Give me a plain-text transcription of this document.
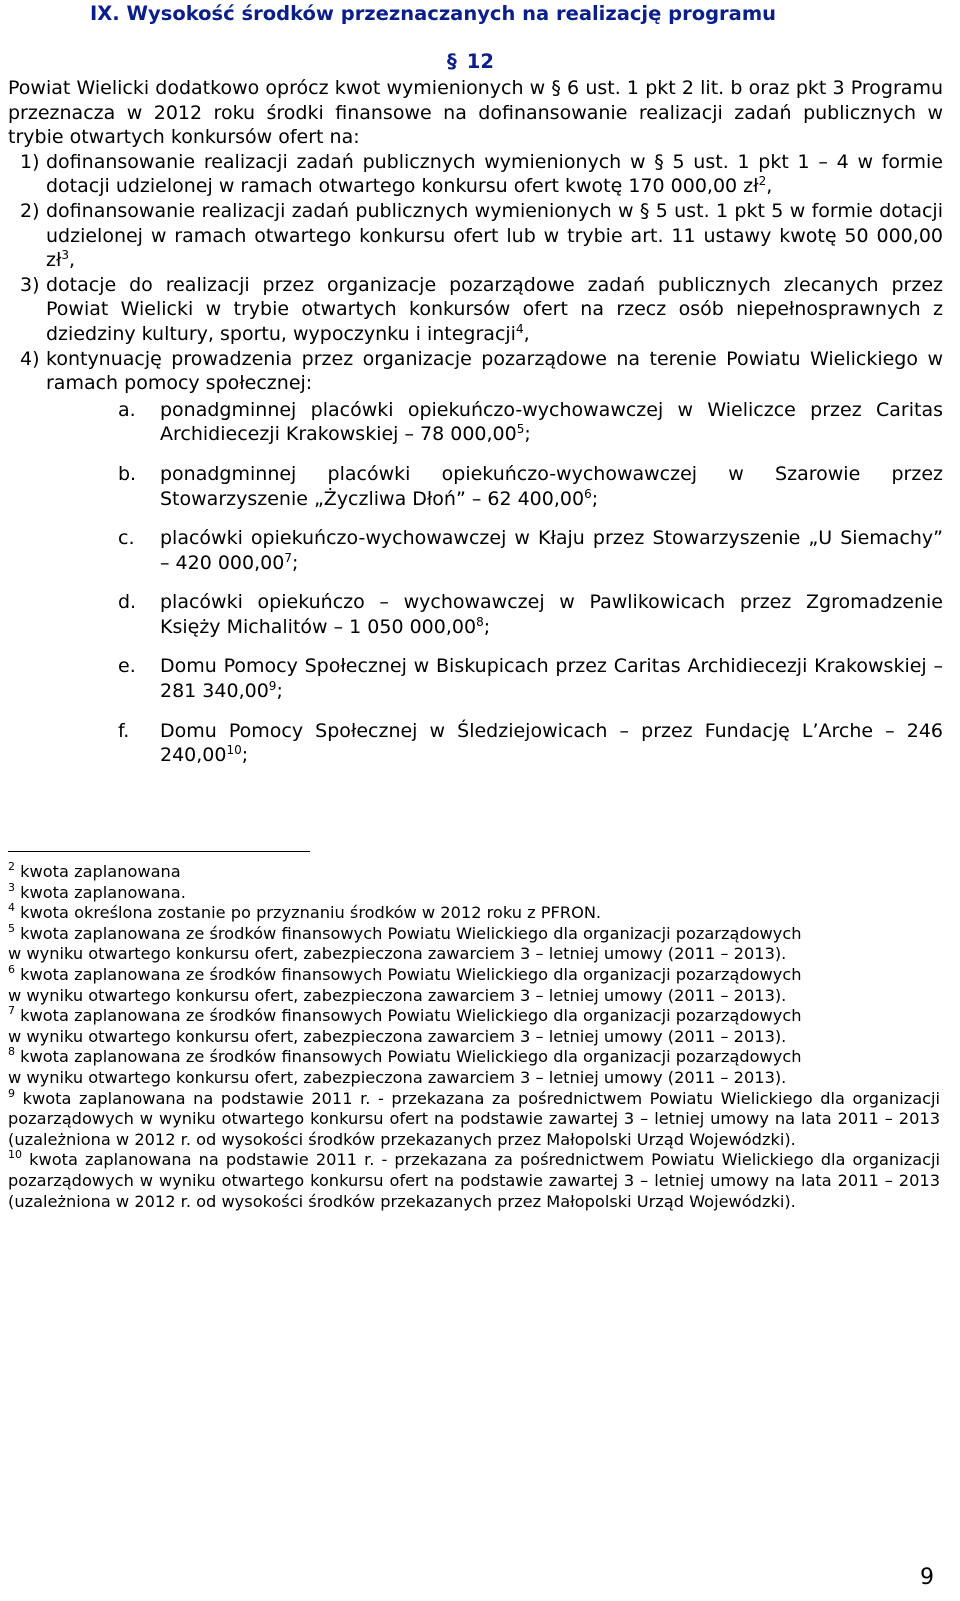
IX. Wysokość środków przeznaczanych na realizację programu
§ 12

Powiat Wielicki dodatkowo oprócz kwot wymienionych w § 6 ust. 1 pkt 2 lit. b oraz pkt 3 Programu przeznacza w 2012 roku środki finansowe na dofinansowanie realizacji zadań publicznych w trybie otwartych konkursów ofert na:

1) dofinansowanie realizacji zadań publicznych wymienionych w § 5 ust. 1 pkt 1 – 4 w formie dotacji udzielonej w ramach otwartego konkursu ofert kwotę 170 000,00 $zł^2$,
2) dofinansowanie realizacji zadań publicznych wymienionych w § 5 ust. 1 pkt 5 w formie dotacji udzielonej w ramach otwartego konkursu ofert lub w trybie art. 11 ustawy kwotę 50 000,00 $zł^3$,
3) dotacje do realizacji przez organizacje pozarządowe zadań publicznych zlecanych przez Powiat Wielicki w trybie otwartych konkursów ofert na rzecz osób niepełnosprawnych z dziedziny kultury, sportu, wypoczynku i integracji$^4$,
4) kontynuację prowadzenia przez organizacje pozarządowe na terenie Powiatu Wielickiego w ramach pomocy społecznej:
a. ponadgminnej placówki opiekuńczo-wychowawczej w Wieliczce przez Caritas Archidiecezji Krakowskiej – 78 000,00$^5$;
b. ponadgminnej placówki opiekuńczo-wychowawczej w Szarowie przez Stowarzyszenie „Życzliwa Dłoń” – 62 400,00$^6$;
c. placówki opiekuńczo-wychowawczej w Kłaju przez Stowarzyszenie „U Siemachy” – 420 000,00$^7$;
d. placówki opiekuńczo – wychowawczej w Pawlikowicach przez Zgromadzenie Księży Michalitów – 1 050 000,00$^8$;
e. Domu Pomocy Społecznej w Biskupicach przez Caritas Archidiecezji Krakowskiej – 281 340,00$^9$;
f. Domu Pomocy Społecznej w Śledziejowicach – przez Fundację L’Arche – 246 240,00$^{10}$;

$^2$ kwota zaplanowana

$^3$ kwota zaplanowana.

$^4$ kwota określona zostanie po przyznaniu środków w 2012 roku z PFRON.

$^5$ kwota zaplanowana ze środków finansowych Powiatu Wielickiego dla organizacji pozarządowych

w wyniku otwartego konkursu ofert, zabezpieczona zawarciem 3 – letniej umowy (2011 – 2013).

$^6$ kwota zaplanowana ze środków finansowych Powiatu Wielickiego dla organizacji pozarządowych

w wyniku otwartego konkursu ofert, zabezpieczona zawarciem 3 – letniej umowy (2011 – 2013).

$^7$ kwota zaplanowana ze środków finansowych Powiatu Wielickiego dla organizacji pozarządowych

w wyniku otwartego konkursu ofert, zabezpieczona zawarciem 3 – letniej umowy (2011 – 2013).

$^8$ kwota zaplanowana ze środków finansowych Powiatu Wielickiego dla organizacji pozarządowych

w wyniku otwartego konkursu ofert, zabezpieczona zawarciem 3 – letniej umowy (2011 – 2013).

$^9$ kwota zaplanowana na podstawie 2011 r. - przekazana za pośrednictwem Powiatu Wielickiego dla organizacji pozarządowych w wyniku otwartego konkursu ofert na podstawie zawartej 3 – letniej umowy na lata 2011 – 2013 (uzależniona w 2012 r. od wysokości środków przekazanych przez Małopolski Urząd Wojewódzki).

$^{10}$ kwota zaplanowana na podstawie 2011 r. - przekazana za pośrednictwem Powiatu Wielickiego dla organizacji pozarządowych w wyniku otwartego konkursu ofert na podstawie zawartej 3 – letniej umowy na lata 2011 – 2013 (uzależniona w 2012 r. od wysokości środków przekazanych przez Małopolski Urząd Wojewódzki).

9
